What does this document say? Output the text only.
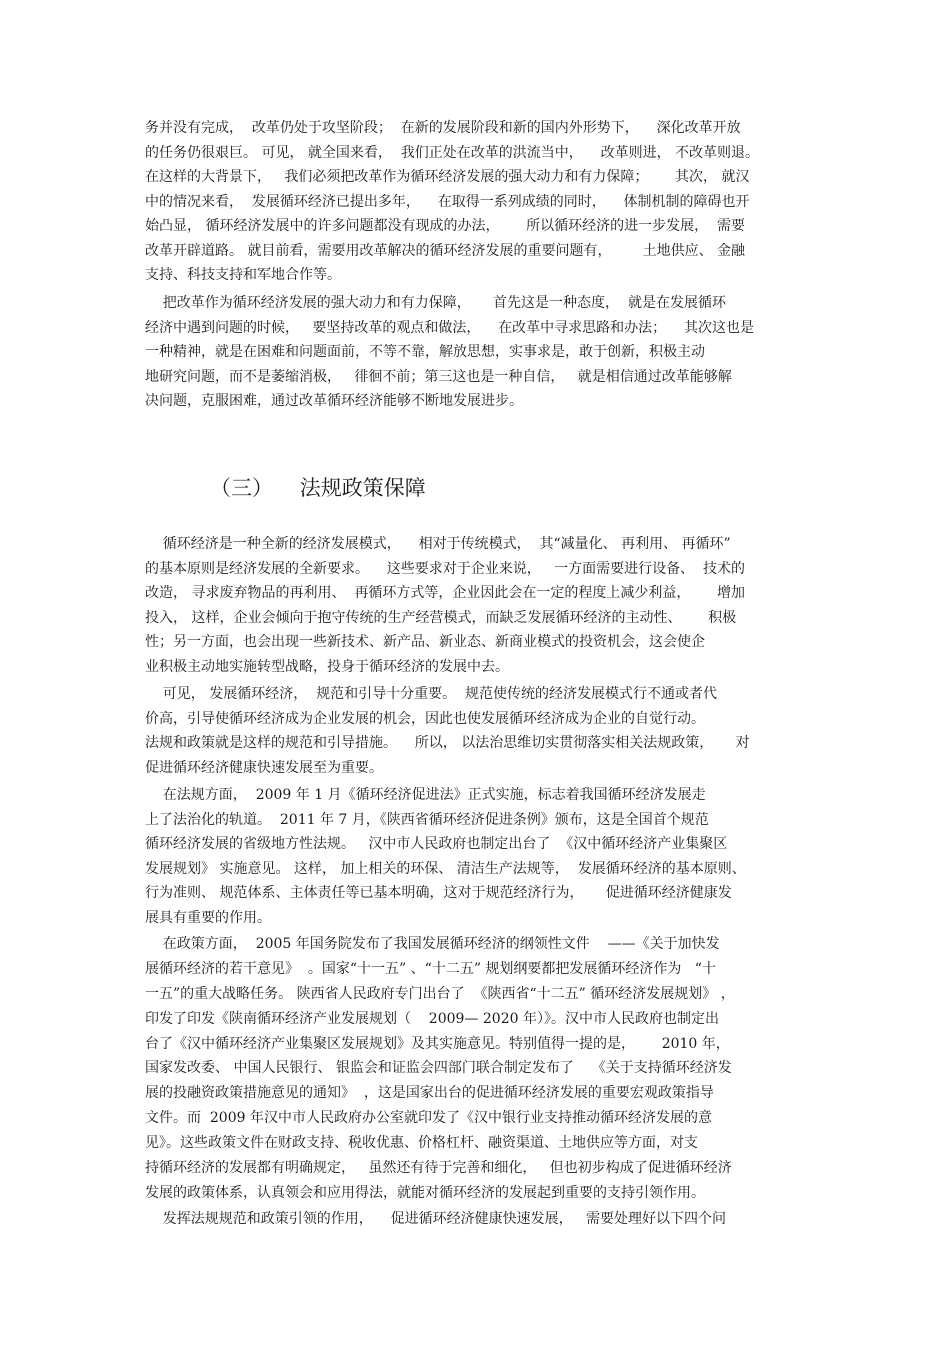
务并没有完成，  改革仍处于攻坚阶段；  在新的发展阶段和新的国内外形势下，    深化改革开放
的任务仍很艰巨。 可见， 就全国来看，  我们正处在改革的洪流当中，    改革则进， 不改革则退。
在这样的大背景下，   我们必须把改革作为循环经济发展的强大动力和有力保障；      其次， 就汉
中的情况来看，  发展循环经济已提出多年，    在取得一系列成绩的同时，    体制机制的障碍也开
始凸显， 循环经济发展中的许多问题都没有现成的办法，      所以循环经济的进一步发展，  需要
改革开辟道路。 就目前看，需要用改革解决的循环经济发展的重要问题有，       土地供应、 金融
支持、科技支持和军地合作等。
把改革作为循环经济发展的强大动力和有力保障，     首先这是一种态度，  就是在发展循环
经济中遇到问题的时候，   要坚持改革的观点和做法，    在改革中寻求思路和办法；    其次这也是
一种精神，就是在困难和问题面前，不等不靠，解放思想，实事求是，敢于创新，积极主动
地研究问题，而不是萎缩消极，   徘徊不前；第三这也是一种自信，   就是相信通过改革能够解
决问题，克服困难，通过改革循环经济能够不断地发展进步。
（三）    法规政策保障
循环经济是一种全新的经济发展模式，    相对于传统模式，  其“减量化、 再利用、 再循环”
的基本原则是经济发展的全新要求。    这些要求对于企业来说，   一方面需要进行设备、  技术的
改造， 寻求废弃物品的再利用、  再循环方式等，企业因此会在一定的程度上减少利益，      增加
投入， 这样，企业会倾向于抱守传统的生产经营模式，而缺乏发展循环经济的主动性、      积极
性；另一方面，也会出现一些新技术、新产品、新业态、新商业模式的投资机会，这会使企
业积极主动地实施转型战略，投身于循环经济的发展中去。
可见， 发展循环经济，  规范和引导十分重要。  规范使传统的经济发展模式行不通或者代
价高，引导使循环经济成为企业发展的机会，因此也使发展循环经济成为企业的自觉行动。
法规和政策就是这样的规范和引导措施。    所以， 以法治思维切实贯彻落实相关法规政策，     对
促进循环经济健康快速发展至为重要。
在法规方面，  2009 年 1 月《循环经济促进法》正式实施，标志着我国循环经济发展走
上了法治化的轨道。  2011 年 7 月，《陕西省循环经济促进条例》颁布，这是全国首个规范
循环经济发展的省级地方性法规。   汉中市人民政府也制定出台了  《汉中循环经济产业集聚区
发展规划》 实施意见。 这样， 加上相关的环保、 清洁生产法规等，  发展循环经济的基本原则、
行为准则、 规范体系、主体责任等已基本明确，这对于规范经济行为，     促进循环经济健康发
展具有重要的作用。
在政策方面，  2005 年国务院发布了我国发展循环经济的纲领性文件    ——《关于加快发
展循环经济的若干意见》  。国家“十一五” 、“十二五” 规划纲要都把发展循环经济作为   “十
一五”的重大战略任务。 陕西省人民政府专门出台了  《陕西省“十二五” 循环经济发展规划》 ，
印发了印发《陕南循环经济产业发展规划（    2009— 2020 年）》。汉中市人民政府也制定出
台了《汉中循环经济产业集聚区发展规划》及其实施意见。特别值得一提的是，      2010 年，
国家发改委、 中国人民银行、 银监会和证监会四部门联合制定发布了    《关于支持循环经济发
展的投融资政策措施意见的通知》  ，这是国家出台的促进循环经济发展的重要宏观政策指导
文件。而  2009 年汉中市人民政府办公室就印发了《汉中银行业支持推动循环经济发展的意
见》。这些政策文件在财政支持、税收优惠、价格杠杆、融资渠道、土地供应等方面，对支
持循环经济的发展都有明确规定，   虽然还有待于完善和细化，   但也初步构成了促进循环经济
发展的政策体系，认真领会和应用得法，就能对循环经济的发展起到重要的支持引领作用。
发挥法规规范和政策引领的作用，    促进循环经济健康快速发展，   需要处理好以下四个问
